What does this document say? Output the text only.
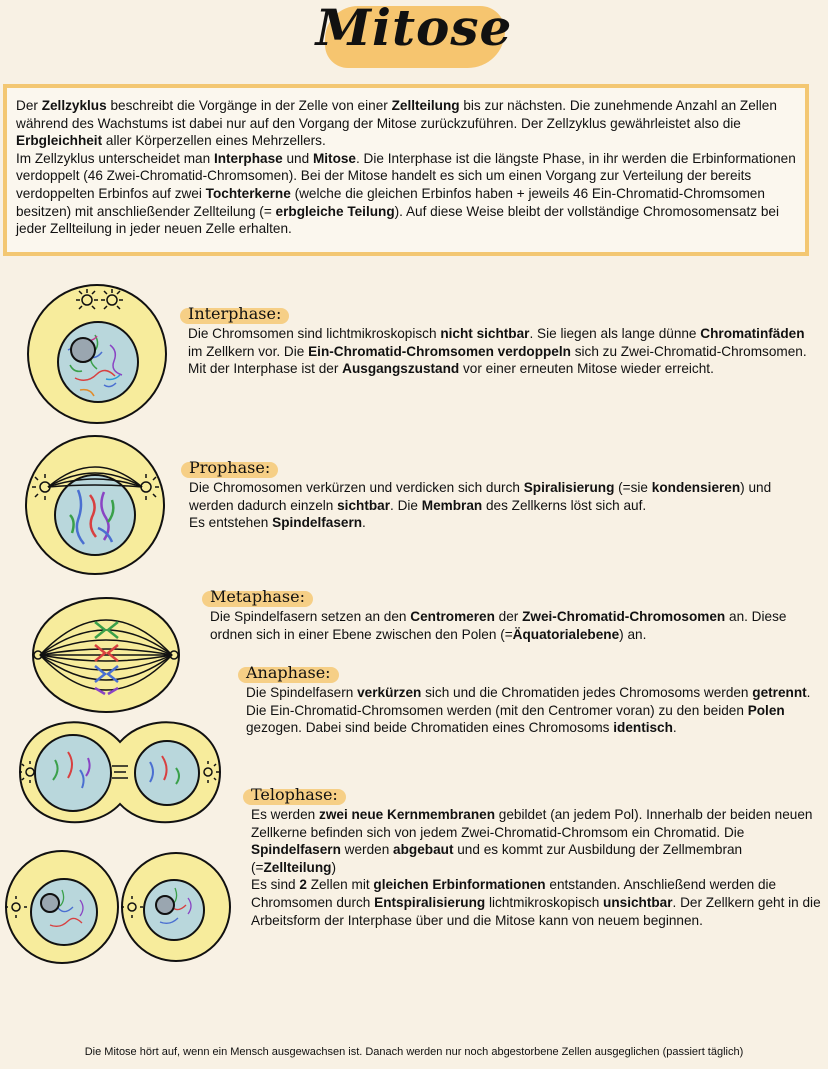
Mitose

Der Zellzyklus beschreibt die Vorgänge in der Zelle von einer Zellteilung bis zur nächsten. Die zunehmende Anzahl an Zellen während des Wachstums ist dabei nur auf den Vorgang der Mitose zurückzuführen. Der Zellzyklus gewährleistet also die Erbgleichheit aller Körperzellen eines Mehrzellers.

Im Zellzyklus unterscheidet man Interphase und Mitose. Die Interphase ist die längste Phase, in ihr werden die Erbinformationen verdoppelt (46 Zwei-Chromatid-Chromsomen). Bei der Mitose handelt es sich um einen Vorgang zur Verteilung der bereits verdoppelten Erbinfos auf zwei Tochterkerne (welche die gleichen Erbinfos haben + jeweils 46 Ein-Chromatid-Chromsomen besitzen) mit anschließender Zellteilung (= erbgleiche Teilung). Auf diese Weise bleibt der vollständige Chromosomensatz bei jeder Zellteilung in jeder neuen Zelle erhalten.

Interphase:

Die Chromsomen sind lichtmikroskopisch nicht sichtbar. Sie liegen als lange dünne Chromatinfäden im Zellkern vor. Die Ein-Chromatid-Chromsomen verdoppeln sich zu Zwei-Chromatid-Chromsomen. Mit der Interphase ist der Ausgangszustand vor einer erneuten Mitose wieder erreicht.

Prophase:

Die Chromosomen verkürzen und verdicken sich durch Spiralisierung (=sie kondensieren) und werden dadurch einzeln sichtbar. Die Membran des Zellkerns löst sich auf.

Es entstehen Spindelfasern.

Metaphase:

Die Spindelfasern setzen an den Centromeren der Zwei-Chromatid-Chromosomen an. Diese ordnen sich in einer Ebene zwischen den Polen (=Äquatorialebene) an.

Anaphase:

Die Spindelfasern verkürzen sich und die Chromatiden jedes Chromosoms werden getrennt. Die Ein-Chromatid-Chromsomen werden (mit den Centromer voran) zu den beiden Polen gezogen. Dabei sind beide Chromatiden eines Chromosoms identisch.

Telophase:

Es werden zwei neue Kernmembranen gebildet (an jedem Pol). Innerhalb der beiden neuen Zellkerne befinden sich von jedem Zwei-Chromatid-Chromsom ein Chromatid. Die Spindelfasern werden abgebaut und es kommt zur Ausbildung der Zellmembran (=Zellteilung)

Es sind 2 Zellen mit gleichen Erbinformationen entstanden. Anschließend werden die Chromsomen durch Entspiralisierung lichtmikroskopisch unsichtbar. Der Zellkern geht in die Arbeitsform der Interphase über und die Mitose kann von neuem beginnen.

Die Mitose hört auf, wenn ein Mensch ausgewachsen ist. Danach werden nur noch abgestorbene Zellen ausgeglichen (passiert täglich)
